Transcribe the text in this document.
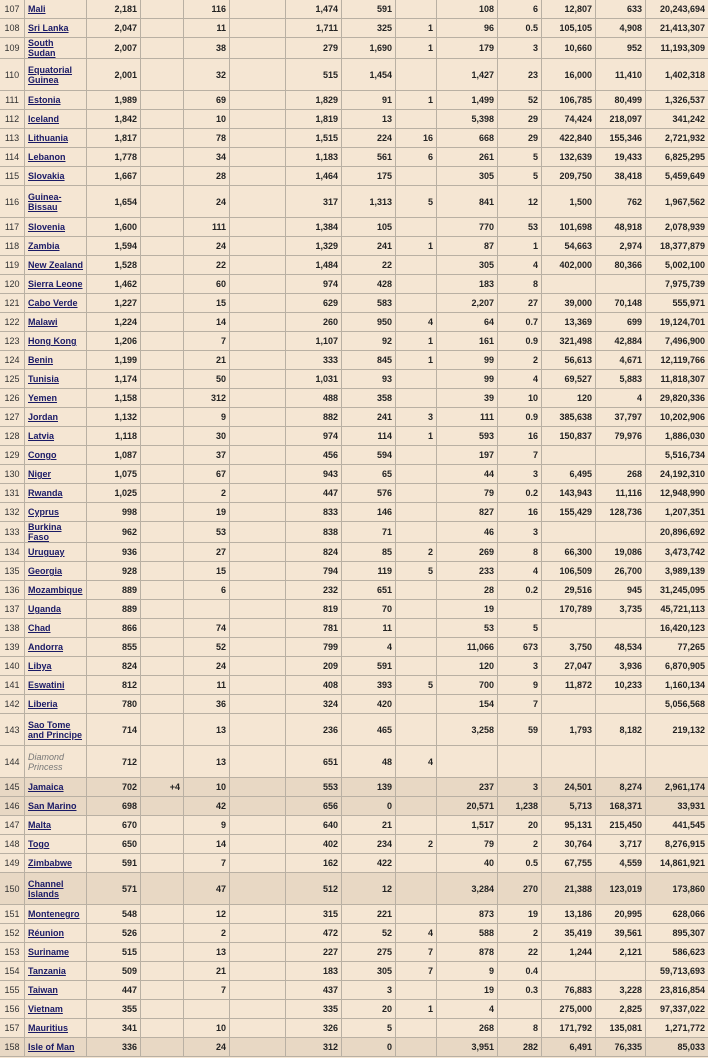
107	Mali	2,181		116		1,474	591		108	6	12,807	633	20,243,694
108	Sri Lanka	2,047		11		1,711	325	1	96	0.5	105,105	4,908	21,413,307
109	South Sudan	2,007		38		279	1,690	1	179	3	10,660	952	11,193,309
110	Equatorial Guinea	2,001		32		515	1,454		1,427	23	16,000	11,410	1,402,318
111	Estonia	1,989		69		1,829	91	1	1,499	52	106,785	80,499	1,326,537
112	Iceland	1,842		10		1,819	13		5,398	29	74,424	218,097	341,242
113	Lithuania	1,817		78		1,515	224	16	668	29	422,840	155,346	2,721,932
114	Lebanon	1,778		34		1,183	561	6	261	5	132,639	19,433	6,825,295
115	Slovakia	1,667		28		1,464	175		305	5	209,750	38,418	5,459,649
116	Guinea-Bissau	1,654		24		317	1,313	5	841	12	1,500	762	1,967,562
117	Slovenia	1,600		111		1,384	105		770	53	101,698	48,918	2,078,939
118	Zambia	1,594		24		1,329	241	1	87	1	54,663	2,974	18,377,879
119	New Zealand	1,528		22		1,484	22		305	4	402,000	80,366	5,002,100
120	Sierra Leone	1,462		60		974	428		183	8			7,975,739
121	Cabo Verde	1,227		15		629	583		2,207	27	39,000	70,148	555,971
122	Malawi	1,224		14		260	950	4	64	0.7	13,369	699	19,124,701
123	Hong Kong	1,206		7		1,107	92	1	161	0.9	321,498	42,884	7,496,900
124	Benin	1,199		21		333	845	1	99	2	56,613	4,671	12,119,766
125	Tunisia	1,174		50		1,031	93		99	4	69,527	5,883	11,818,307
126	Yemen	1,158		312		488	358		39	10	120	4	29,820,336
127	Jordan	1,132		9		882	241	3	111	0.9	385,638	37,797	10,202,906
128	Latvia	1,118		30		974	114	1	593	16	150,837	79,976	1,886,030
129	Congo	1,087		37		456	594		197	7			5,516,734
130	Niger	1,075		67		943	65		44	3	6,495	268	24,192,310
131	Rwanda	1,025		2		447	576		79	0.2	143,943	11,116	12,948,990
132	Cyprus	998		19		833	146		827	16	155,429	128,736	1,207,351
133	Burkina Faso	962		53		838	71		46	3			20,896,692
134	Uruguay	936		27		824	85	2	269	8	66,300	19,086	3,473,742
135	Georgia	928		15		794	119	5	233	4	106,509	26,700	3,989,139
136	Mozambique	889		6		232	651		28	0.2	29,516	945	31,245,095
137	Uganda	889				819	70		19		170,789	3,735	45,721,113
138	Chad	866		74		781	11		53	5			16,420,123
139	Andorra	855		52		799	4		11,066	673	3,750	48,534	77,265
140	Libya	824		24		209	591		120	3	27,047	3,936	6,870,905
141	Eswatini	812		11		408	393	5	700	9	11,872	10,233	1,160,134
142	Liberia	780		36		324	420		154	7			5,056,568
143	Sao Tome and Principe	714		13		236	465		3,258	59	1,793	8,182	219,132
144	Diamond Princess	712		13		651	48	4					
145	Jamaica	702	+4	10		553	139		237	3	24,501	8,274	2,961,174
146	San Marino	698		42		656	0		20,571	1,238	5,713	168,371	33,931
147	Malta	670		9		640	21		1,517	20	95,131	215,450	441,545
148	Togo	650		14		402	234	2	79	2	30,764	3,717	8,276,915
149	Zimbabwe	591		7		162	422		40	0.5	67,755	4,559	14,861,921
150	Channel Islands	571		47		512	12		3,284	270	21,388	123,019	173,860
151	Montenegro	548		12		315	221		873	19	13,186	20,995	628,066
152	Réunion	526		2		472	52	4	588	2	35,419	39,561	895,307
153	Suriname	515		13		227	275	7	878	22	1,244	2,121	586,623
154	Tanzania	509		21		183	305	7	9	0.4			59,713,693
155	Taiwan	447		7		437	3		19	0.3	76,883	3,228	23,816,854
156	Vietnam	355				335	20	1	4		275,000	2,825	97,337,022
157	Mauritius	341		10		326	5		268	8	171,792	135,081	1,271,772
158	Isle of Man	336		24		312	0		3,951	282	6,491	76,335	85,033
